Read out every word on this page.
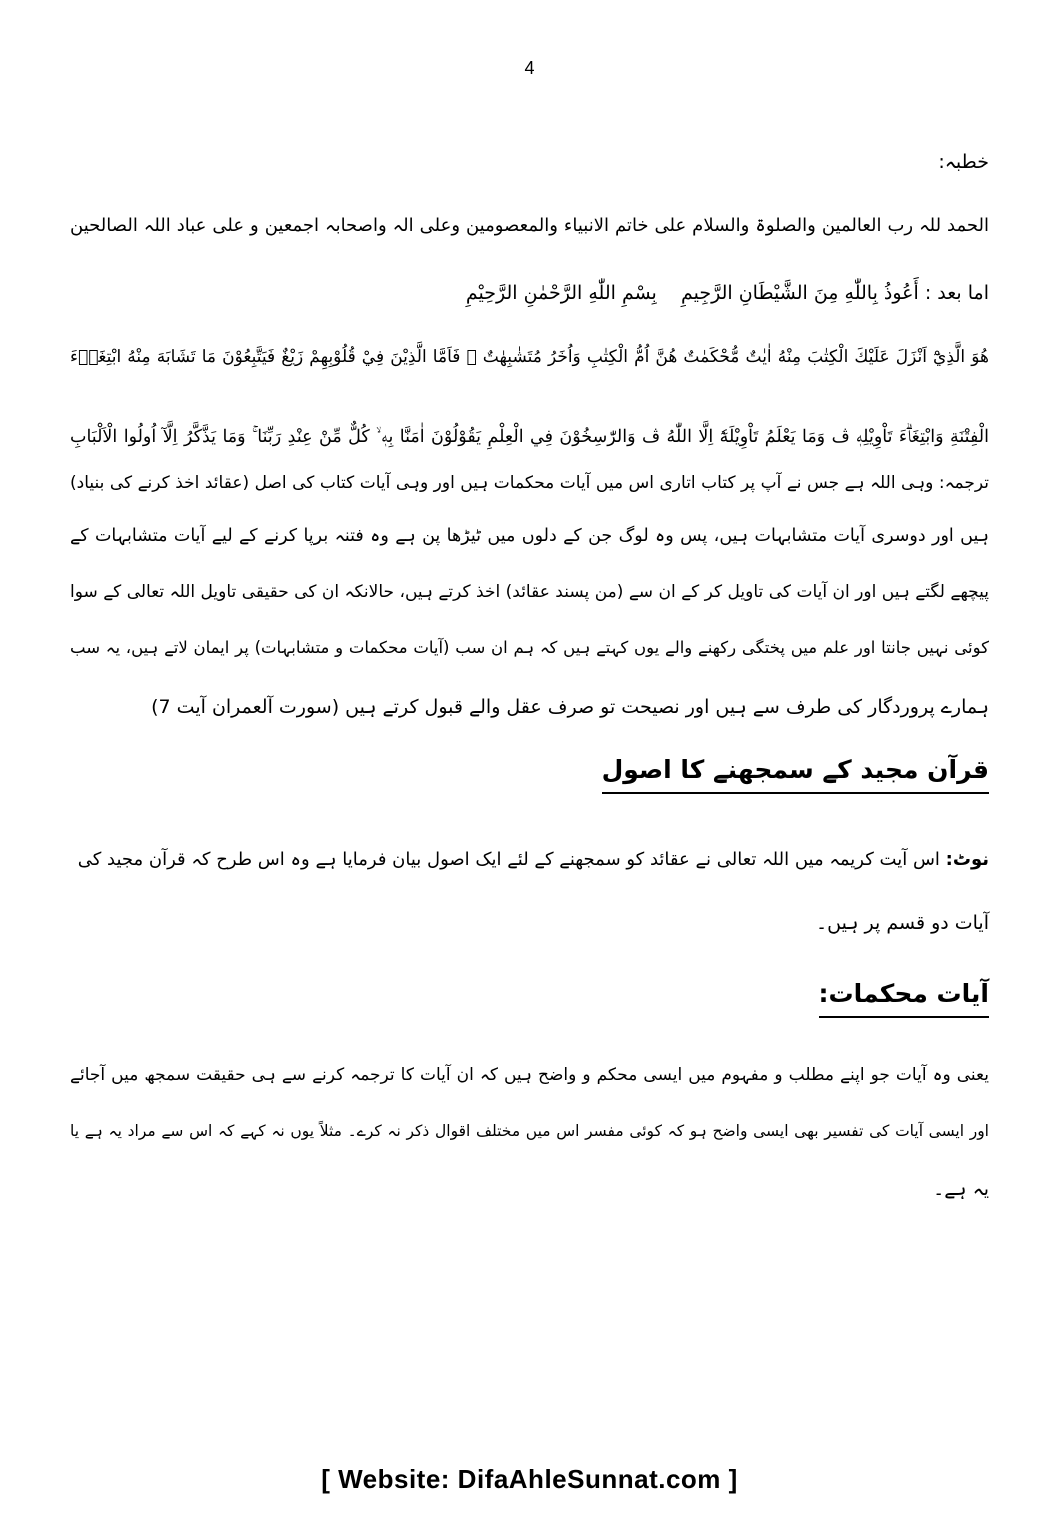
4
خطبہ:
الحمد للہ رب العالمین والصلوۃ والسلام علی خاتم الانبیاء والمعصومین وعلی الہ واصحابہ اجمعین و علی عباد اللہ الصالحین
اما بعد : أَعُوذُ بِاللّٰهِ مِنَ الشَّيْطَانِ الرَّجِيمِ    بِسْمِ اللّٰهِ الرَّحْمٰنِ الرَّحِيْمِ
هُوَ الَّذِيْٓ اَنْزَلَ عَلَيْكَ الْكِتٰبَ مِنْهُ اٰيٰتٌ مُّحْكَمٰتٌ هُنَّ اُمُّ الْكِتٰبِ وَاُخَرُ مُتَشٰبِهٰتٌ ۭ فَاَمَّا الَّذِيْنَ فِيْ قُلُوْبِهِمْ زَيْغٌ فَيَتَّبِعُوْنَ مَا تَشَابَهَ مِنْهُ ابْتِغَاۗءَ
الْفِتْنَةِ وَابْتِغَاۗءَ تَاْوِيْلِهٖ ڤ وَمَا يَعْلَمُ تَاْوِيْلَهٗٓ اِلَّا اللّٰهُ ڤ وَالرّٰسِخُوْنَ فِي الْعِلْمِ يَقُوْلُوْنَ اٰمَنَّا بِهٖ ۙ كُلٌّ مِّنْ عِنْدِ رَبِّنَا ۚ وَمَا يَذَّكَّرُ اِلَّآ اُولُوا الْاَلْبَابِ
ترجمہ: وہی اللہ ہے جس نے آپ پر کتاب اتاری اس میں آیات محکمات ہیں اور وہی آیات کتاب کی اصل (عقائد اخذ کرنے کی بنیاد)
ہیں اور دوسری آیات متشابہات ہیں، پس وہ لوگ جن کے دلوں میں ٹیڑھا پن ہے وہ فتنہ برپا کرنے کے لیے آیات متشابہات کے
پیچھے لگتے ہیں اور ان آیات کی تاویل کر کے ان سے (من پسند عقائد) اخذ کرتے ہیں، حالانکہ ان کی حقیقی تاویل اللہ تعالی کے سوا
کوئی نہیں جانتا اور علم میں پختگی رکھنے والے یوں کہتے ہیں کہ ہم ان سب (آیات محکمات و متشابہات) پر ایمان لاتے ہیں، یہ سب
ہمارے پروردگار کی طرف سے ہیں اور نصیحت تو صرف عقل والے قبول کرتے ہیں (سورت آلعمران آیت 7)
قرآن مجید کے سمجھنے کا اصول
نوٹ: اس آیت کریمہ میں اللہ تعالی نے عقائد کو سمجھنے کے لئے ایک اصول بیان فرمایا ہے وہ اس طرح کہ قرآن مجید کی
آیات دو قسم پر ہیں۔
آیات محکمات:
یعنی وہ آیات جو اپنے مطلب و مفہوم میں ایسی محکم و واضح ہیں کہ ان آیات کا ترجمہ کرنے سے ہی حقیقت سمجھ میں آجائے
اور ایسی آیات کی تفسیر بھی ایسی واضح ہو کہ کوئی مفسر اس میں مختلف اقوال ذکر نہ کرے۔ مثلاً یوں نہ کہے کہ اس سے مراد یہ ہے یا
یہ ہے۔
[ Website: DifaAhleSunnat.com ]
